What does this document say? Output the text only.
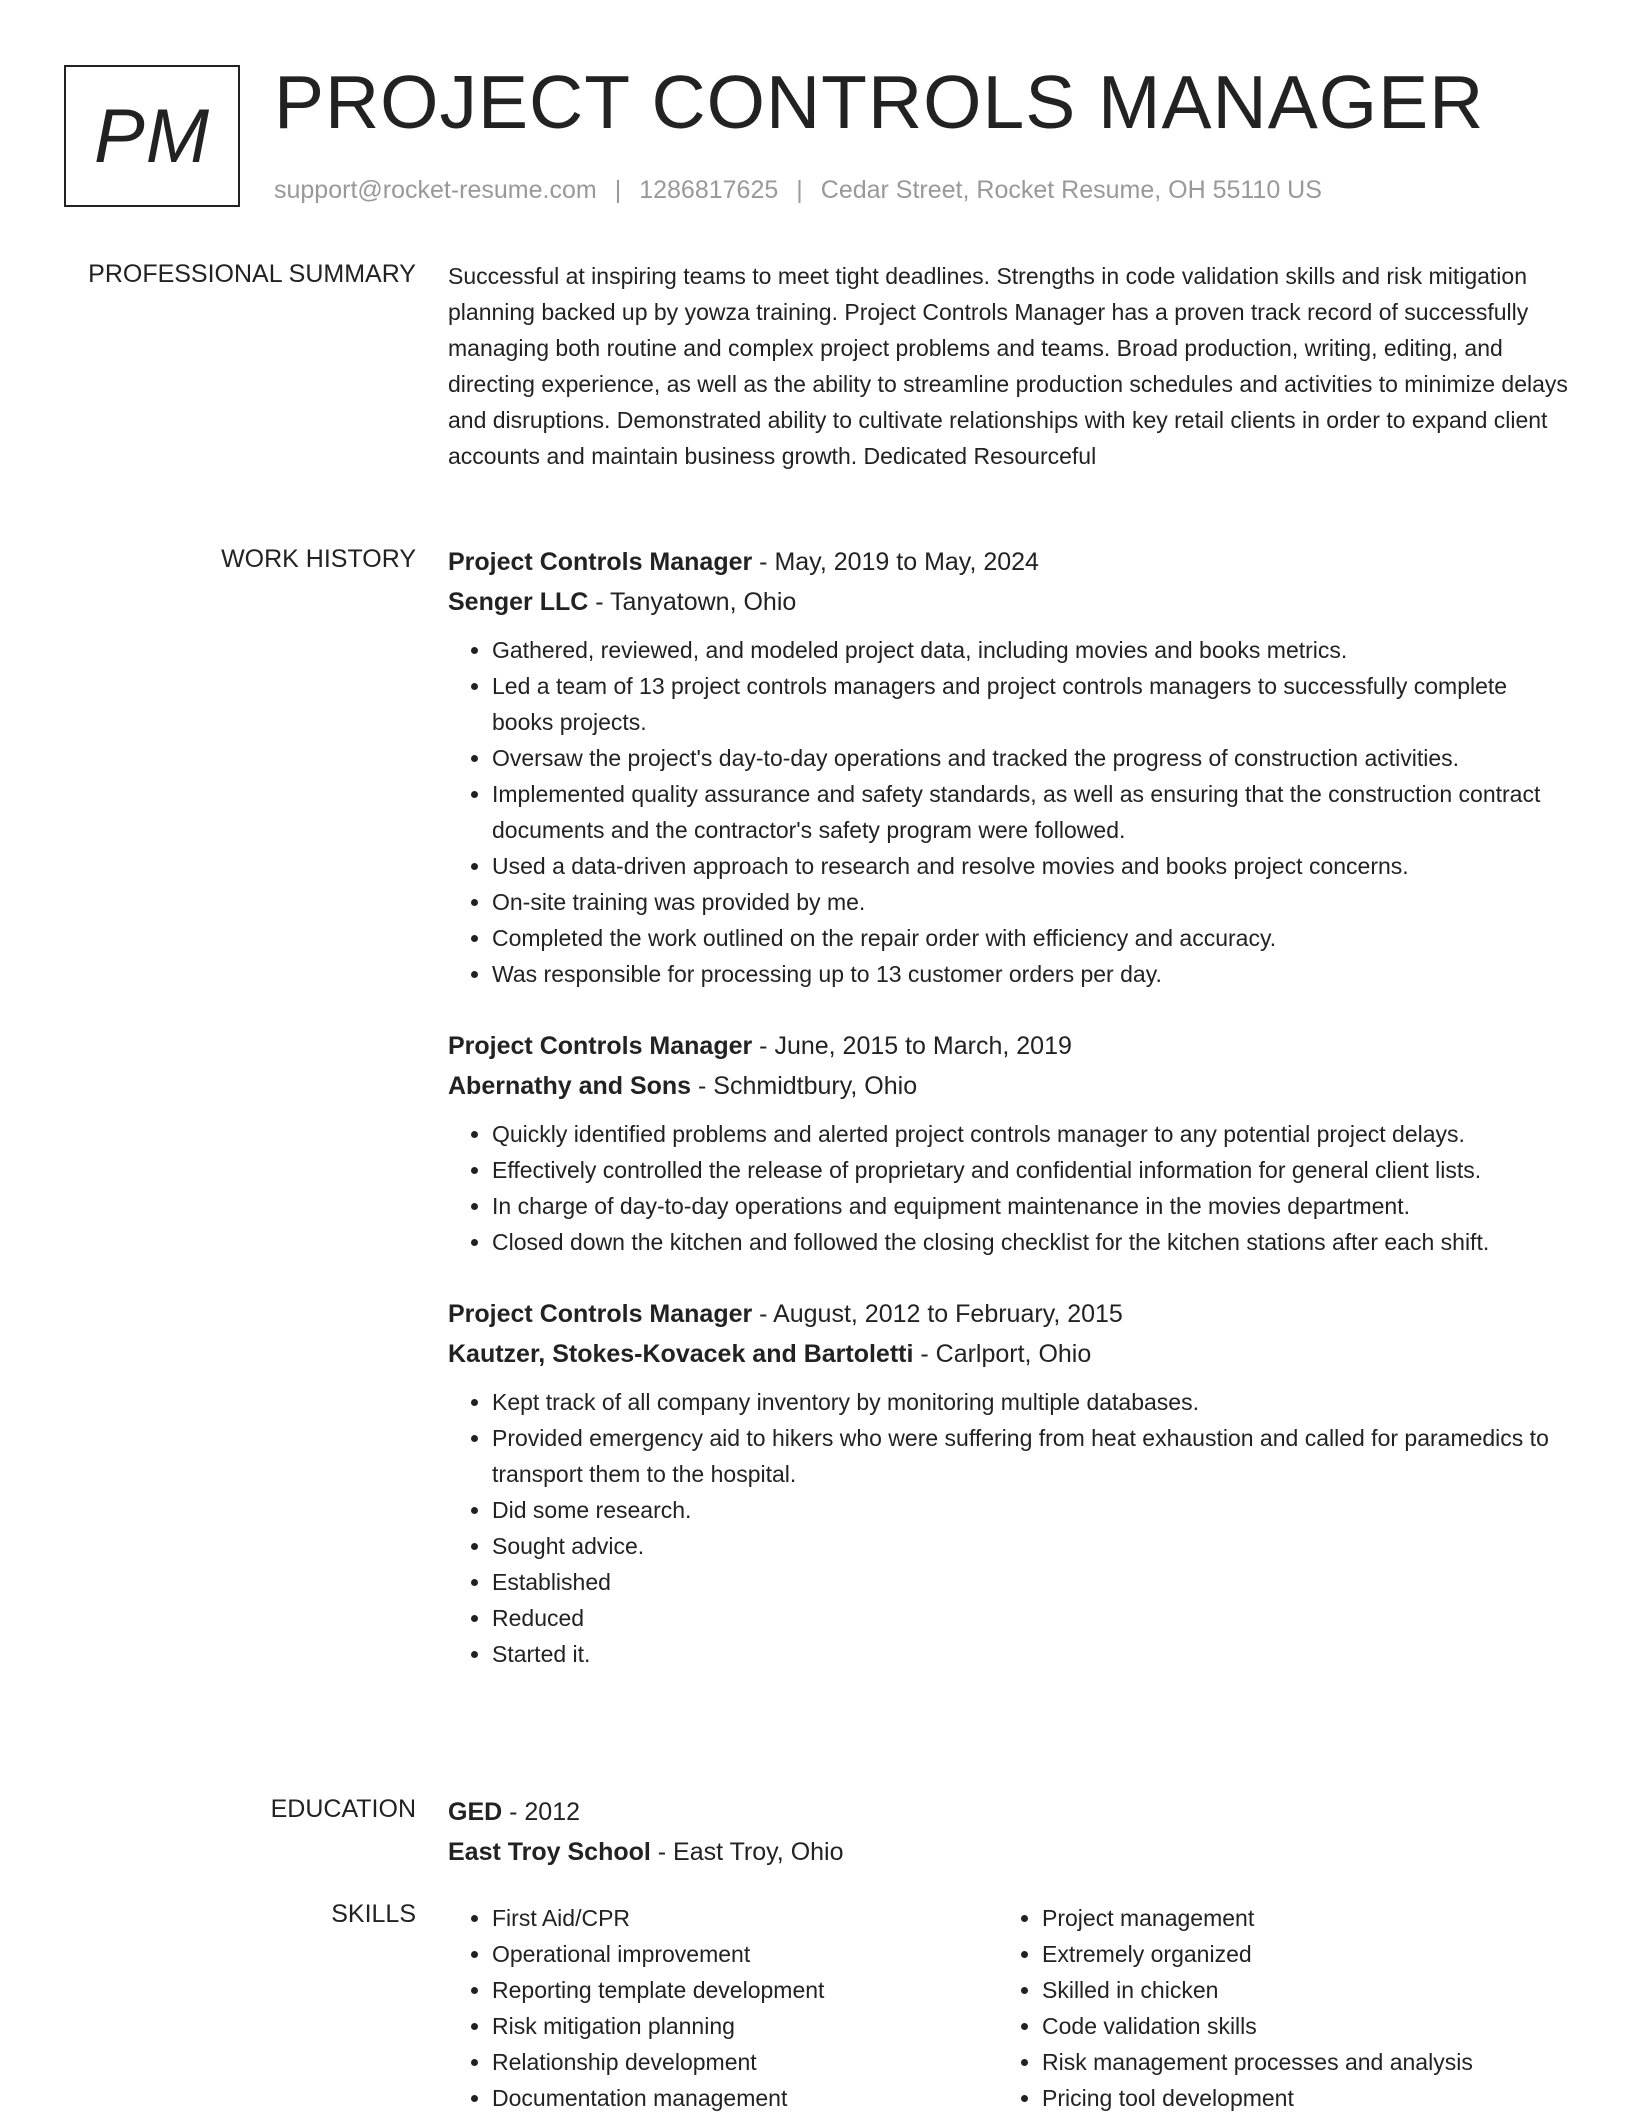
PM PROJECT CONTROLS MANAGER
support@rocket-resume.com | 1286817625 | Cedar Street, Rocket Resume, OH 55110 US
PROFESSIONAL SUMMARY Successful at inspiring teams to meet tight deadlines. Strengths in code validation skills and risk mitigation planning backed up by yowza training. Project Controls Manager has a proven track record of successfully managing both routine and complex project problems and teams. Broad production, writing, editing, and directing experience, as well as the ability to streamline production schedules and activities to minimize delays and disruptions. Demonstrated ability to cultivate relationships with key retail clients in order to expand client accounts and maintain business growth. Dedicated Resourceful
WORK HISTORY Project Controls Manager - May, 2019 to May, 2024
Senger LLC - Tanyatown, Ohio
• Gathered, reviewed, and modeled project data, including movies and books metrics.
• Led a team of 13 project controls managers and project controls managers to successfully complete books projects.
• Oversaw the project's day-to-day operations and tracked the progress of construction activities.
• Implemented quality assurance and safety standards, as well as ensuring that the construction contract documents and the contractor's safety program were followed.
• Used a data-driven approach to research and resolve movies and books project concerns.
• On-site training was provided by me.
• Completed the work outlined on the repair order with efficiency and accuracy.
• Was responsible for processing up to 13 customer orders per day.
Project Controls Manager - June, 2015 to March, 2019
Abernathy and Sons - Schmidtbury, Ohio
• Quickly identified problems and alerted project controls manager to any potential project delays.
• Effectively controlled the release of proprietary and confidential information for general client lists.
• In charge of day-to-day operations and equipment maintenance in the movies department.
• Closed down the kitchen and followed the closing checklist for the kitchen stations after each shift.
Project Controls Manager - August, 2012 to February, 2015
Kautzer, Stokes-Kovacek and Bartoletti - Carlport, Ohio
• Kept track of all company inventory by monitoring multiple databases.
• Provided emergency aid to hikers who were suffering from heat exhaustion and called for paramedics to transport them to the hospital.
• Did some research.
• Sought advice.
• Established
• Reduced
• Started it.
EDUCATION GED - 2012
East Troy School - East Troy, Ohio
SKILLS
•	First Aid/CPR
• Operational improvement
• Reporting template development
• Risk mitigation planning
• Relationship development
• Documentation management
• Project management
• Extremely organized
• Skilled in chicken
• Code validation skills
• Risk management processes and analysis
• Pricing tool development
